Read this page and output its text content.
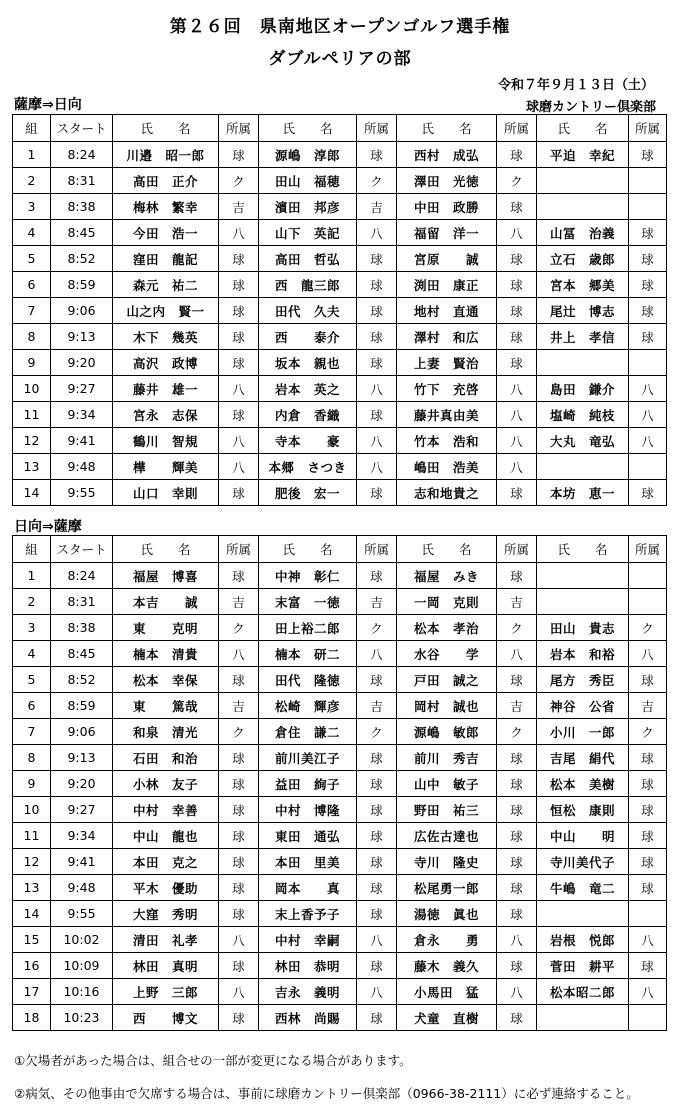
第２６回　県南地区オープンゴルフ選手権
ダブルペリアの部
令和７年９月１３日（土）
球磨カントリー倶楽部
薩摩⇒日向
組	スタート	氏　　名	所属	氏　　名	所属	氏　　名	所属	氏　　名	所属
1	8:24	川邉　昭一郎	球	源嶋　淳郎	球	西村　成弘	球	平迫　幸紀	球
2	8:31	高田　正介	ク	田山　福穂	ク	澤田　光徳	ク		
3	8:38	梅林　繁幸	吉	濱田　邦彦	吉	中田　政勝	球		
4	8:45	今田　浩一	八	山下　英記	八	福留　洋一	八	山冨　治義	球
5	8:52	窪田　龍記	球	高田　哲弘	球	宮原　　誠	球	立石　歳郎	球
6	8:59	森元　祐二	球	西　龍三郎	球	渕田　康正	球	宮本　郷美	球
7	9:06	山之内　賢一	球	田代　久夫	球	地村　直通	球	尾辻　博志	球
8	9:13	木下　幾英	球	西　　泰介	球	澤村　和広	球	井上　孝信	球
9	9:20	高沢　政博	球	坂本　親也	球	上妻　賢治	球		
10	9:27	藤井　雄一	八	岩本　英之	八	竹下　充啓	八	島田　鎌介	八
11	9:34	宮永　志保	球	内倉　香織	球	藤井真由美	八	塩崎　純枝	八
12	9:41	鶴川　智規	八	寺本　　豪	八	竹本　浩和	八	大丸　竜弘	八
13	9:48	樺　　輝美	八	本郷　さつき	八	嶋田　浩美	八		
14	9:55	山口　幸則	球	肥後　宏一	球	志和地貴之	球	本坊　恵一	球
日向⇒薩摩
組	スタート	氏　　名	所属	氏　　名	所属	氏　　名	所属	氏　　名	所属
1	8:24	福屋　博喜	球	中神　彰仁	球	福屋　みき	球		
2	8:31	本吉　　誠	吉	末富　一徳	吉	一岡　克則	吉		
3	8:38	東　　克明	ク	田上裕二郎	ク	松本　孝治	ク	田山　貴志	ク
4	8:45	楠本　清貴	八	楠本　研二	八	水谷　　学	八	岩本　和裕	八
5	8:52	松本　幸保	球	田代　隆徳	球	戸田　誠之	球	尾方　秀臣	球
6	8:59	東　　篤哉	吉	松崎　輝彦	吉	岡村　誠也	吉	神谷　公省	吉
7	9:06	和泉　清光	ク	倉住　謙二	ク	源嶋　敏郎	ク	小川　一郎	ク
8	9:13	石田　和治	球	前川美江子	球	前川　秀吉	球	吉尾　絹代	球
9	9:20	小林　友子	球	益田　絢子	球	山中　敏子	球	松本　美樹	球
10	9:27	中村　幸善	球	中村　博隆	球	野田　祐三	球	恒松　康則	球
11	9:34	中山　龍也	球	東田　通弘	球	広佐古達也	球	中山　　明	球
12	9:41	本田　克之	球	本田　里美	球	寺川　隆史	球	寺川美代子	球
13	9:48	平木　優助	球	岡本　　真	球	松尾勇一郎	球	牛嶋　竜二	球
14	9:55	大窪　秀明	球	末上香予子	球	湯徳　眞也	球		
15	10:02	清田　礼孝	八	中村　幸嗣	八	倉永　　勇	八	岩根　悦郎	八
16	10:09	林田　真明	球	林田　恭明	球	藤木　義久	球	菅田　耕平	球
17	10:16	上野　三郎	八	吉永　義明	八	小馬田　猛	八	松本昭二郎	八
18	10:23	西　　博文	球	西林　尚賜	球	犬童　直樹	球		
①欠場者があった場合は、組合せの一部が変更になる場合があります。
②病気、その他事由で欠席する場合は、事前に球磨カントリー倶楽部（0966-38-2111）に必ず連絡すること。
